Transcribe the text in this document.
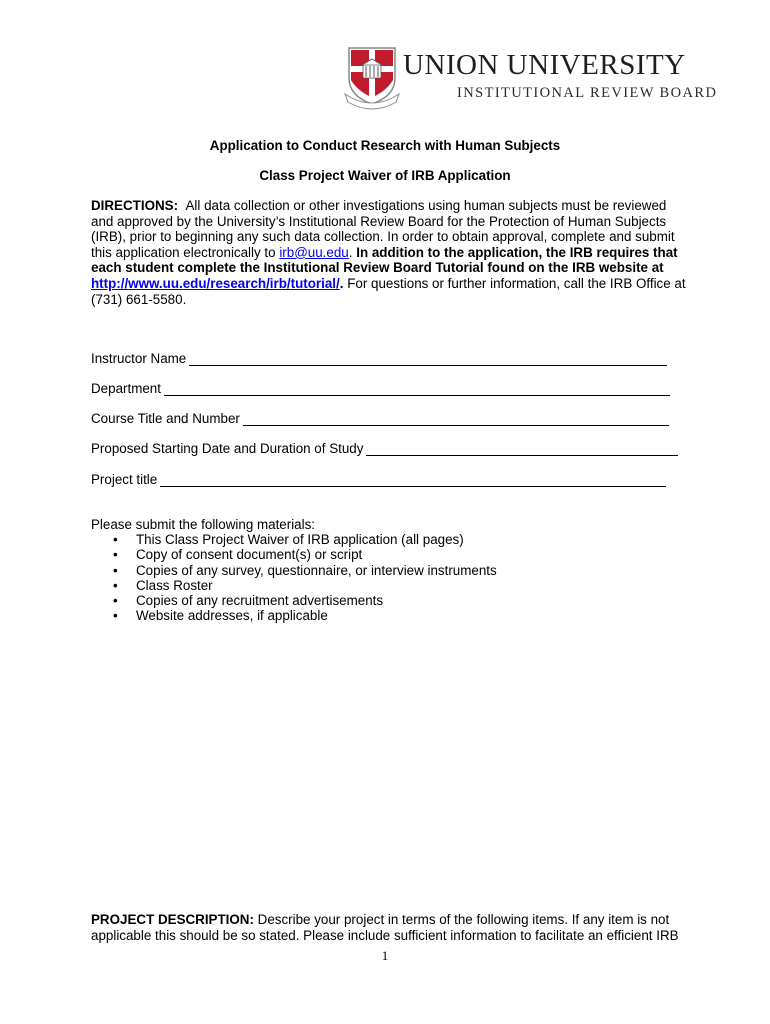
UNION UNIVERSITY
INSTITUTIONAL REVIEW BOARD
Application to Conduct Research with Human Subjects
Class Project Waiver of IRB Application
DIRECTIONS: All data collection or other investigations using human subjects must be reviewed and approved by the University’s Institutional Review Board for the Protection of Human Subjects (IRB), prior to beginning any such data collection. In order to obtain approval, complete and submit this application electronically to irb@uu.edu. In addition to the application, the IRB requires that each student complete the Institutional Review Board Tutorial found on the IRB website at http://www.uu.edu/research/irb/tutorial/. For questions or further information, call the IRB Office at (731) 661-5580.
Instructor Name
Department
Course Title and Number
Proposed Starting Date and Duration of Study
Project title
Please submit the following materials:
• This Class Project Waiver of IRB application (all pages)
• Copy of consent document(s) or script
• Copies of any survey, questionnaire, or interview instruments
• Class Roster
• Copies of any recruitment advertisements
• Website addresses, if applicable
PROJECT DESCRIPTION: Describe your project in terms of the following items. If any item is not applicable this should be so stated. Please include sufficient information to facilitate an efficient IRB
1
